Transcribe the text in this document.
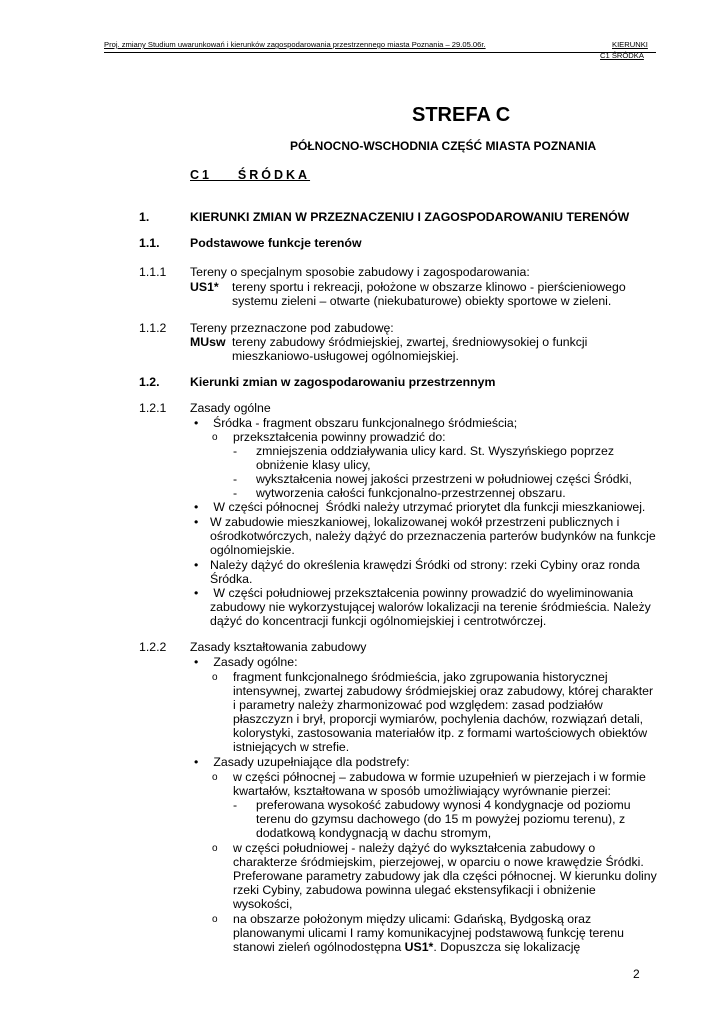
Proj. zmiany Studium uwarunkowań i kierunków zagospodarowania przestrzennego miasta Poznania – 29.05.06r.	KIERUNKI
C1 ŚRÓDKA
STREFA C
PÓŁNOCNO-WSCHODNIA CZĘŚĆ MIASTA POZNANIA
C1    ŚRÓDKA
1.	KIERUNKI ZMIAN W PRZEZNACZENIU I ZAGOSPODAROWANIU TERENÓW
1.1. Podstawowe funkcje terenów
1.1.1 Tereny o specjalnym sposobie zabudowy i zagospodarowania:
US1* tereny sportu i rekreacji, położone w obszarze klinowo - pierścieniowego
systemu zieleni – otwarte (niekubaturowe) obiekty sportowe w zieleni.
1.1.2 Tereny przeznaczone pod zabudowę:
MUsw tereny zabudowy śródmiejskiej, zwartej, średniowysokiej o funkcji
mieszkaniowo-usługowej ogólnomiejskiej.
1.2. Kierunki zmian w zagospodarowaniu przestrzennym
1.2.1 Zasady ogólne
• Śródka - fragment obszaru funkcjonalnego śródmieścia;
o przekształcenia powinny prowadzić do:
- zmniejszenia oddziaływania ulicy kard. St. Wyszyńskiego poprzez
obniżenie klasy ulicy,
- wykształcenia nowej jakości przestrzeni w południowej części Śródki,
- wytworzenia całości funkcjonalno-przestrzennej obszaru.
• W części północnej  Śródki należy utrzymać priorytet dla funkcji mieszkaniowej.
• W zabudowie mieszkaniowej, lokalizowanej wokół przestrzeni publicznych i
ośrodkotwórczych, należy dążyć do przeznaczenia parterów budynków na funkcje
ogólnomiejskie.
• Należy dążyć do określenia krawędzi Śródki od strony: rzeki Cybiny oraz ronda
Śródka.
• W części południowej przekształcenia powinny prowadzić do wyeliminowania
zabudowy nie wykorzystującej walorów lokalizacji na terenie śródmieścia. Należy
dążyć do koncentracji funkcji ogólnomiejskiej i centrotwórczej.
1.2.2 Zasady kształtowania zabudowy
• Zasady ogólne:
o fragment funkcjonalnego śródmieścia, jako zgrupowania historycznej
intensywnej, zwartej zabudowy śródmiejskiej oraz zabudowy, której charakter
i parametry należy zharmonizować pod względem: zasad podziałów
płaszczyzn i brył, proporcji wymiarów, pochylenia dachów, rozwiązań detali,
kolorystyki, zastosowania materiałów itp. z formami wartościowych obiektów
istniejących w strefie.
• Zasady uzupełniające dla podstrefy:
o w części północnej – zabudowa w formie uzupełnień w pierzejach i w formie
kwartałów, kształtowana w sposób umożliwiający wyrównanie pierzei:
- preferowana wysokość zabudowy wynosi 4 kondygnacje od poziomu
terenu do gzymsu dachowego (do 15 m powyżej poziomu terenu), z
dodatkową kondygnacją w dachu stromym,
o w części południowej - należy dążyć do wykształcenia zabudowy o
charakterze śródmiejskim, pierzejowej, w oparciu o nowe krawędzie Śródki.
Preferowane parametry zabudowy jak dla części północnej. W kierunku doliny
rzeki Cybiny, zabudowa powinna ulegać ekstensyfikacji i obniżenie
wysokości,
o na obszarze położonym między ulicami: Gdańską, Bydgoską oraz
planowanymi ulicami I ramy komunikacyjnej podstawową funkcję terenu
stanowi zieleń ogólnodostępna US1*. Dopuszcza się lokalizację
2
